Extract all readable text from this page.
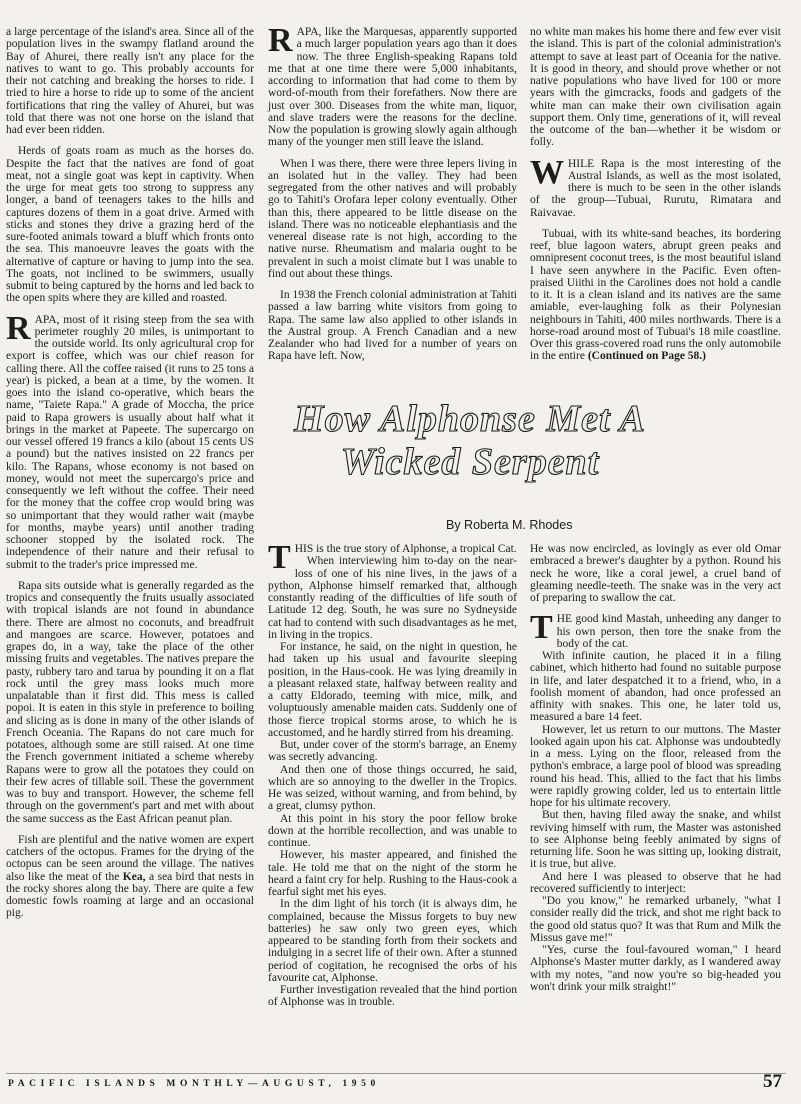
a large percentage of the island's area. Since all of the population lives in the swampy flatland around the Bay of Ahurei, there really isn't any place for the natives to want to go. This probably accounts for their not catching and breaking the horses to ride. I tried to hire a horse to ride up to some of the ancient fortifications that ring the valley of Ahurei, but was told that there was not one horse on the island that had ever been ridden.

Herds of goats roam as much as the horses do. Despite the fact that the natives are fond of goat meat, not a single goat was kept in captivity. When the urge for meat gets too strong to suppress any longer, a band of teenagers takes to the hills and captures dozens of them in a goat drive. Armed with sticks and stones they drive a grazing herd of the sure-footed animals toward a bluff which fronts onto the sea. This manoeuvre leaves the goats with the alternative of capture or having to jump into the sea. The goats, not inclined to be swimmers, usually submit to being captured by the horns and led back to the open spits where they are killed and roasted.

RAPA, most of it rising steep from the sea with perimeter roughly 20 miles, is unimportant to the outside world. Its only agricultural crop for export is coffee, which was our chief reason for calling there. All the coffee raised (it runs to 25 tons a year) is picked, a bean at a time, by the women. It goes into the island co-operative, which bears the name, "Taiete Rapa." A grade of Moccha, the price paid to Rapa growers is usually about half what it brings in the market at Papeete. The supercargo on our vessel offered 19 francs a kilo (about 15 cents US a pound) but the natives insisted on 22 francs per kilo. The Rapans, whose economy is not based on money, would not meet the supercargo's price and consequently we left without the coffee. Their need for the money that the coffee crop would bring was so unimportant that they would rather wait (maybe for months, maybe years) until another trading schooner stopped by the isolated rock. The independence of their nature and their refusal to submit to the trader's price impressed me.

Rapa sits outside what is generally regarded as the tropics and consequently the fruits usually associated with tropical islands are not found in abundance there. There are almost no coconuts, and breadfruit and mangoes are scarce. However, potatoes and grapes do, in a way, take the place of the other missing fruits and vegetables. The natives prepare the pasty, rubbery taro and tarua by pounding it on a flat rock until the grey mass looks much more unpalatable than it first did. This mess is called popoi. It is eaten in this style in preference to boiling and slicing as is done in many of the other islands of French Oceania. The Rapans do not care much for potatoes, although some are still raised. At one time the French government initiated a scheme whereby Rapans were to grow all the potatoes they could on their few acres of tillable soil. These the government was to buy and transport. However, the scheme fell through on the government's part and met with about the same success as the East African peanut plan.

Fish are plentiful and the native women are expert catchers of the octopus. Frames for the drying of the octopus can be seen around the village. The natives also like the meat of the Kea, a sea bird that nests in the rocky shores along the bay. There are quite a few domestic fowls roaming at large and an occasional pig.

RAPA, like the Marquesas, apparently supported a much larger population years ago than it does now. The three English-speaking Rapans told me that at one time there were 5,000 inhabitants, according to information that had come to them by word-of-mouth from their forefathers. Now there are just over 300. Diseases from the white man, liquor, and slave traders were the reasons for the decline. Now the population is growing slowly again although many of the younger men still leave the island.

When I was there, there were three lepers living in an isolated hut in the valley. They had been segregated from the other natives and will probably go to Tahiti's Orofara leper colony eventually. Other than this, there appeared to be little disease on the island. There was no noticeable elephantiasis and the venereal disease rate is not high, according to the native nurse. Rheumatism and malaria ought to be prevalent in such a moist climate but I was unable to find out about these things.

In 1938 the French colonial administration at Tahiti passed a law barring white visitors from going to Rapa. The same law also applied to other islands in the Austral group. A French Canadian and a new Zealander who had lived for a number of years on Rapa have left. Now,

no white man makes his home there and few ever visit the island. This is part of the colonial administration's attempt to save at least part of Oceania for the native. It is good in theory, and should prove whether or not native populations who have lived for 100 or more years with the gimcracks, foods and gadgets of the white man can make their own civilisation again support them. Only time, generations of it, will reveal the outcome of the ban—whether it be wisdom or folly.

WHILE Rapa is the most interesting of the Austral Islands, as well as the most isolated, there is much to be seen in the other islands of the group—Tubuai, Rurutu, Rimatara and Raivavae.

Tubuai, with its white-sand beaches, its bordering reef, blue lagoon waters, abrupt green peaks and omnipresent coconut trees, is the most beautiful island I have seen anywhere in the Pacific. Even often-praised Uiithi in the Carolines does not hold a candle to it. It is a clean island and its natives are the same amiable, ever-laughing folk as their Polynesian neighbours in Tahiti, 400 miles northwards. There is a horse-road around most of Tubuai's 18 mile coastline. Over this grass-covered road runs the only automobile in the entire (Continued on Page 58.)

How Alphonse Met A Wicked Serpent
By Roberta M. Rhodes

THIS is the true story of Alphonse, a tropical Cat.

When interviewing him to-day on the near-loss of one of his nine lives, in the jaws of a python, Alphonse himself remarked that, although constantly reading of the difficulties of life south of Latitude 12 deg. South, he was sure no Sydneyside cat had to contend with such disadvantages as he met, in living in the tropics.

For instance, he said, on the night in question, he had taken up his usual and favourite sleeping position, in the Haus-cook. He was lying dreamily in a pleasant relaxed state, halfway between reality and a catty Eldorado, teeming with mice, milk, and voluptuously amenable maiden cats. Suddenly one of those fierce tropical storms arose, to which he is accustomed, and he hardly stirred from his dreaming.

But, under cover of the storm's barrage, an Enemy was secretly advancing.

And then one of those things occurred, he said, which are so annoying to the dweller in the Tropics. He was seized, without warning, and from behind, by a great, clumsy python.

At this point in his story the poor fellow broke down at the horrible recollection, and was unable to continue.

However, his master appeared, and finished the tale. He told me that on the night of the storm he heard a faint cry for help. Rushing to the Haus-cook a fearful sight met his eyes.

In the dim light of his torch (it is always dim, he complained, because the Missus forgets to buy new batteries) he saw only two green eyes, which appeared to be standing forth from their sockets and indulging in a secret life of their own. After a stunned period of cogitation, he recognised the orbs of his favourite cat, Alphonse.

Further investigation revealed that the hind portion of Alphonse was in trouble.

He was now encircled, as lovingly as ever old Omar embraced a brewer's daughter by a python. Round his neck he wore, like a coral jewel, a cruel band of gleaming needle-teeth. The snake was in the very act of preparing to swallow the cat.

THE good kind Mastah, unheeding any danger to his own person, then tore the snake from the body of the cat.

With infinite caution, he placed it in a filing cabinet, which hitherto had found no suitable purpose in life, and later despatched it to a friend, who, in a foolish moment of abandon, had once professed an affinity with snakes. This one, he later told us, measured a bare 14 feet.

However, let us return to our muttons. The Master looked again upon his cat. Alphonse was undoubtedly in a mess. Lying on the floor, released from the python's embrace, a large pool of blood was spreading round his head. This, allied to the fact that his limbs were rapidly growing colder, led us to entertain little hope for his ultimate recovery.

But then, having filed away the snake, and whilst reviving himself with rum, the Master was astonished to see Alphonse being feebly animated by signs of returning life. Soon he was sitting up, looking distrait, it is true, but alive.

And here I was pleased to observe that he had recovered sufficiently to interject:

"Do you know," he remarked urbanely, "what I consider really did the trick, and shot me right back to the good old status quo? It was that Rum and Milk the Missus gave me!"

"Yes, curse the foul-favoured woman," I heard Alphonse's Master mutter darkly, as I wandered away with my notes, "and now you're so big-headed you won't drink your milk straight!"

PACIFIC ISLANDS MONTHLY—AUGUST, 1950	57
